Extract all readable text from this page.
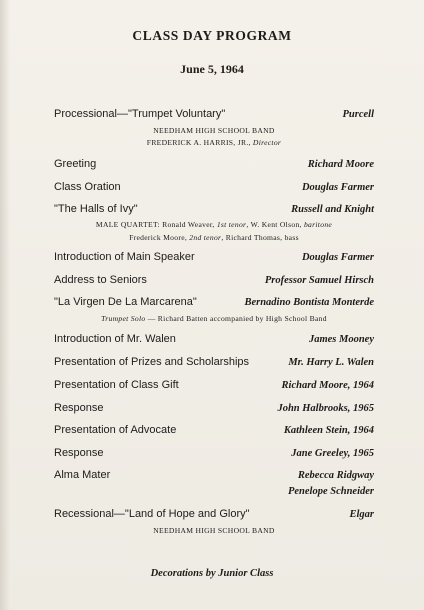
CLASS DAY PROGRAM
June 5, 1964
Processional—"Trumpet Voluntary"	Purcell
NEEDHAM HIGH SCHOOL BAND
FREDERICK A. HARRIS, JR., Director
Greeting	Richard Moore
Class Oration	Douglas Farmer
"The Halls of Ivy"	Russell and Knight
MALE QUARTET: Ronald Weaver, 1st tenor, W. Kent Olson, baritone
Frederick Moore, 2nd tenor, Richard Thomas, bass
Introduction of Main Speaker	Douglas Farmer
Address to Seniors	Professor Samuel Hirsch
"La Virgen De La Marcarena"	Bernadino Bontista Monterde
Trumpet Solo — Richard Batten accompanied by High School Band
Introduction of Mr. Walen	James Mooney
Presentation of Prizes and Scholarships	Mr. Harry L. Walen
Presentation of Class Gift	Richard Moore, 1964
Response	John Halbrooks, 1965
Presentation of Advocate	Kathleen Stein, 1964
Response	Jane Greeley, 1965
Alma Mater	Rebecca Ridgway
Penelope Schneider
Recessional—"Land of Hope and Glory"	Elgar
NEEDHAM HIGH SCHOOL BAND
Decorations by Junior Class
